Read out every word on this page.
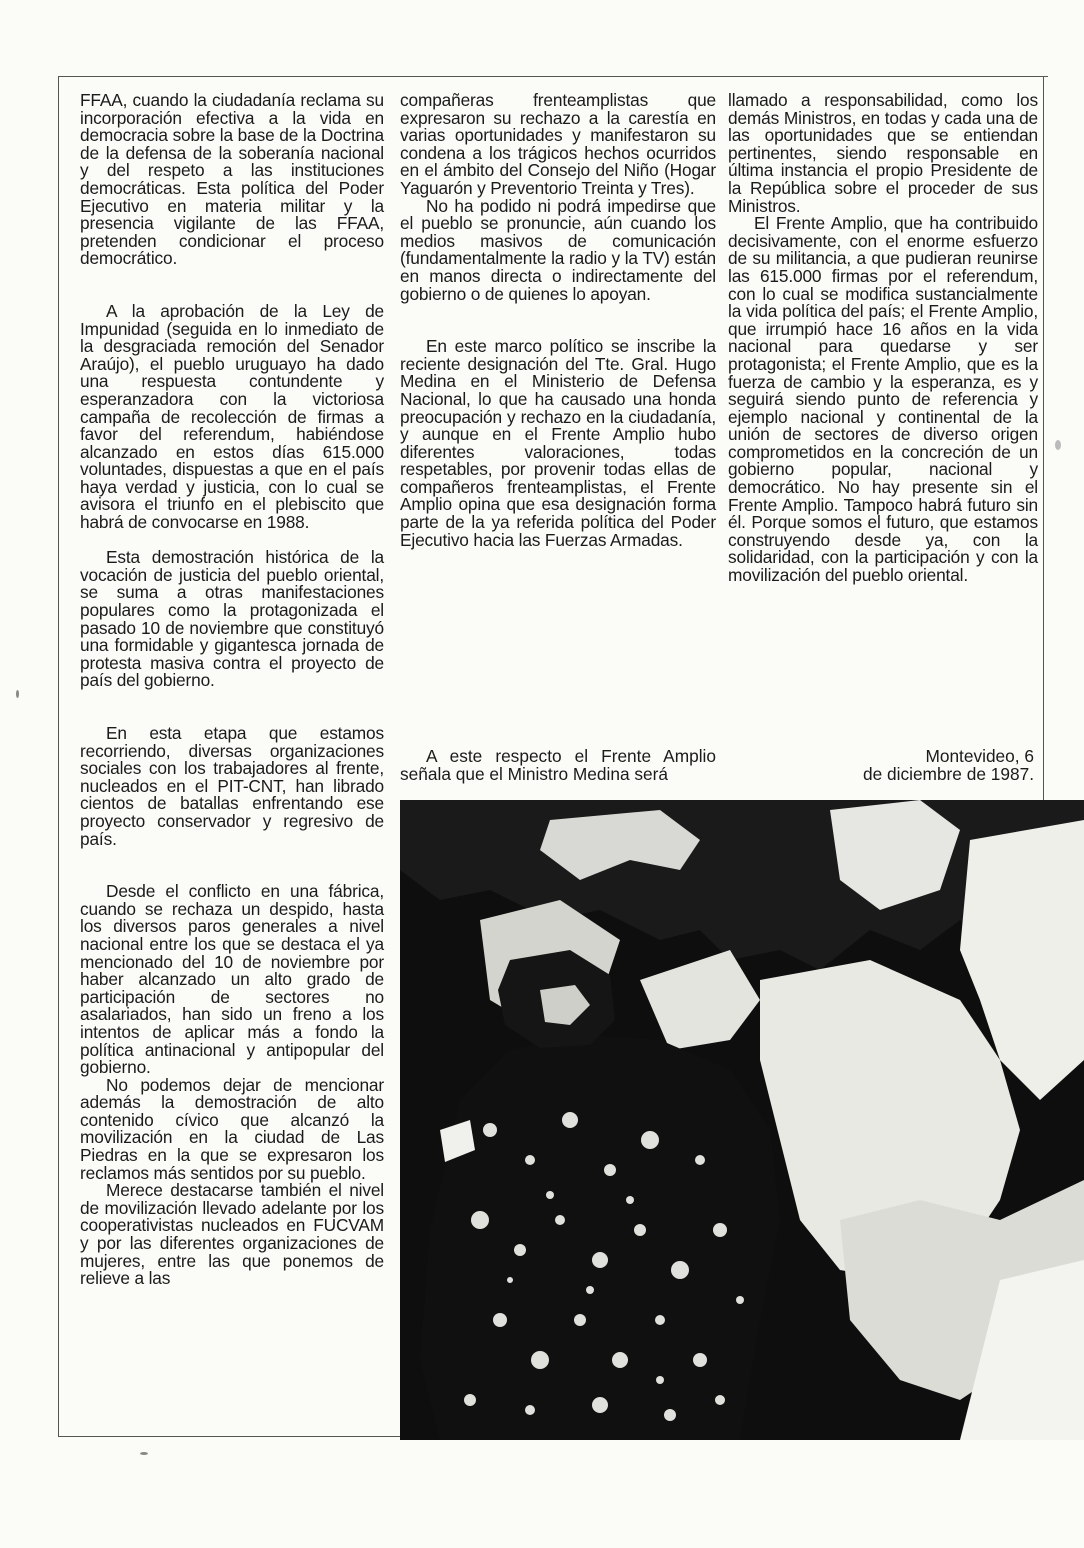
FFAA, cuando la ciudadanía reclama su incorporación efectiva a la vida en democracia sobre la base de la Doctrina de la defensa de la soberanía nacional y del respeto a las instituciones democráticas. Esta política del Poder Ejecutivo en materia militar y la presencia vigilante de las FFAA, pretenden condicionar el proceso democrático.

A la aprobación de la Ley de Impunidad (seguida en lo inmediato de la desgraciada remoción del Senador Araújo), el pueblo uruguayo ha dado una respuesta contundente y esperanzadora con la victoriosa campaña de recolección de firmas a favor del referendum, habiéndose alcanzado en estos días 615.000 voluntades, dispuestas a que en el país haya verdad y justicia, con lo cual se avisora el triunfo en el plebiscito que habrá de convocarse en 1988.

Esta demostración histórica de la vocación de justicia del pueblo oriental, se suma a otras manifestaciones populares como la protagonizada el pasado 10 de noviembre que constituyó una formidable y gigantesca jornada de protesta masiva contra el proyecto de país del gobierno.

En esta etapa que estamos recorriendo, diversas organizaciones sociales con los trabajadores al frente, nucleados en el PIT-CNT, han librado cientos de batallas enfrentando ese proyecto conservador y regresivo de país.

Desde el conflicto en una fábrica, cuando se rechaza un despido, hasta los diversos paros generales a nivel nacional entre los que se destaca el ya mencionado del 10 de noviembre por haber alcanzado un alto grado de participación de sectores no asalariados, han sido un freno a los intentos de aplicar más a fondo la política antinacional y antipopular del gobierno.

No podemos dejar de mencionar además la demostración de alto contenido cívico que alcanzó la movilización en la ciudad de Las Piedras en la que se expresaron los reclamos más sentidos por su pueblo.

Merece destacarse también el nivel de movilización llevado adelante por los cooperativistas nucleados en FUCVAM y por las diferentes organizaciones de mujeres, entre las que ponemos de relieve a las

compañeras frenteamplistas que expresaron su rechazo a la carestía en varias oportunidades y manifestaron su condena a los trágicos hechos ocurridos en el ámbito del Consejo del Niño (Hogar Yaguarón y Preventorio Treinta y Tres).

No ha podido ni podrá impedirse que el pueblo se pronuncie, aún cuando los medios masivos de comunicación (fundamentalmente la radio y la TV) están en manos directa o indirectamente del gobierno o de quienes lo apoyan.

En este marco político se inscribe la reciente designación del Tte. Gral. Hugo Medina en el Ministerio de Defensa Nacional, lo que ha causado una honda preocupación y rechazo en la ciudadanía, y aunque en el Frente Amplio hubo diferentes valoraciones, todas respetables, por provenir todas ellas de compañeros frenteamplistas, el Frente Amplio opina que esa designación forma parte de la ya referida política del Poder Ejecutivo hacia las Fuerzas Armadas.

A este respecto el Frente Amplio señala que el Ministro Medina será

llamado a responsabilidad, como los demás Ministros, en todas y cada una de las oportunidades que se entiendan pertinentes, siendo responsable en última instancia el propio Presidente de la República sobre el proceder de sus Ministros.

El Frente Amplio, que ha contribuido decisivamente, con el enorme esfuerzo de su militancia, a que pudieran reunirse las 615.000 firmas por el referendum, con lo cual se modifica sustancialmente la vida política del país; el Frente Amplio, que irrumpió hace 16 años en la vida nacional para quedarse y ser protagonista; el Frente Amplio, que es la fuerza de cambio y la esperanza, es y seguirá siendo punto de referencia y ejemplo nacional y continental de la unión de sectores de diverso origen comprometidos en la concreción de un gobierno popular, nacional y democrático. No hay presente sin el Frente Amplio. Tampoco habrá futuro sin él. Porque somos el futuro, que estamos construyendo desde ya, con la solidaridad, con la participación y con la movilización del pueblo oriental.

Montevideo, 6
de diciembre de 1987.
